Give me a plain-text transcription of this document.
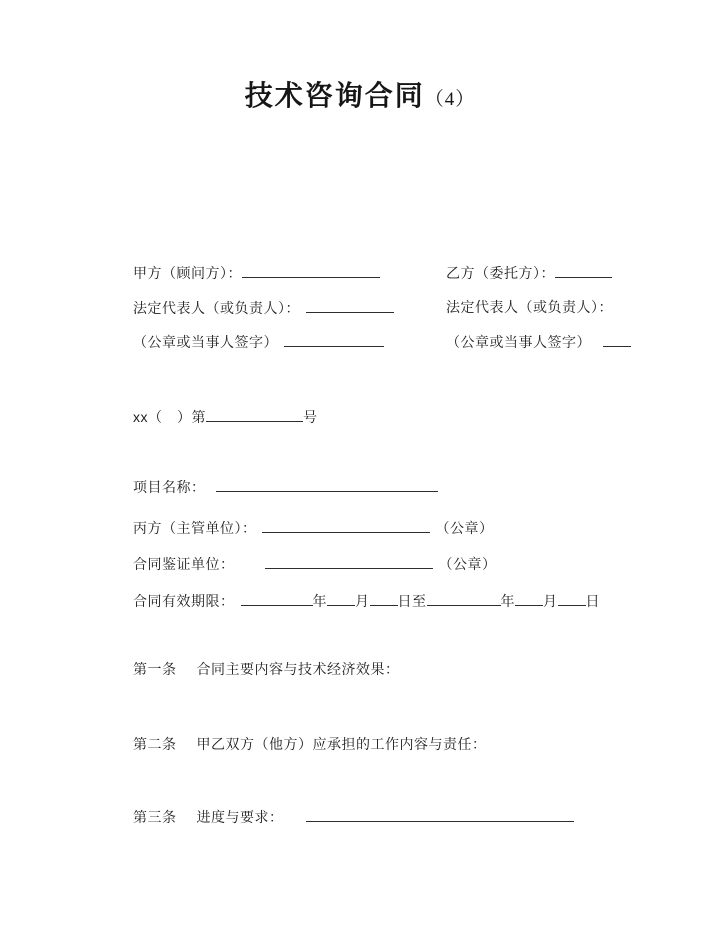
技术咨询合同（4）
甲方（顾问方）：	乙方（委托方）：
法定代表人（或负责人）：	法定代表人（或负责人）：
（公章或当事人签字）	（公章或当事人签字）
xx（　）第	号
项目名称：
丙方（主管单位）：	（公章）
合同鉴证单位：	（公章）
合同有效期限：	年 月 日至	年 月 日
第一条 合同主要内容与技术经济效果：
第二条 甲乙双方（他方）应承担的工作内容与责任：
第三条 进度与要求：
